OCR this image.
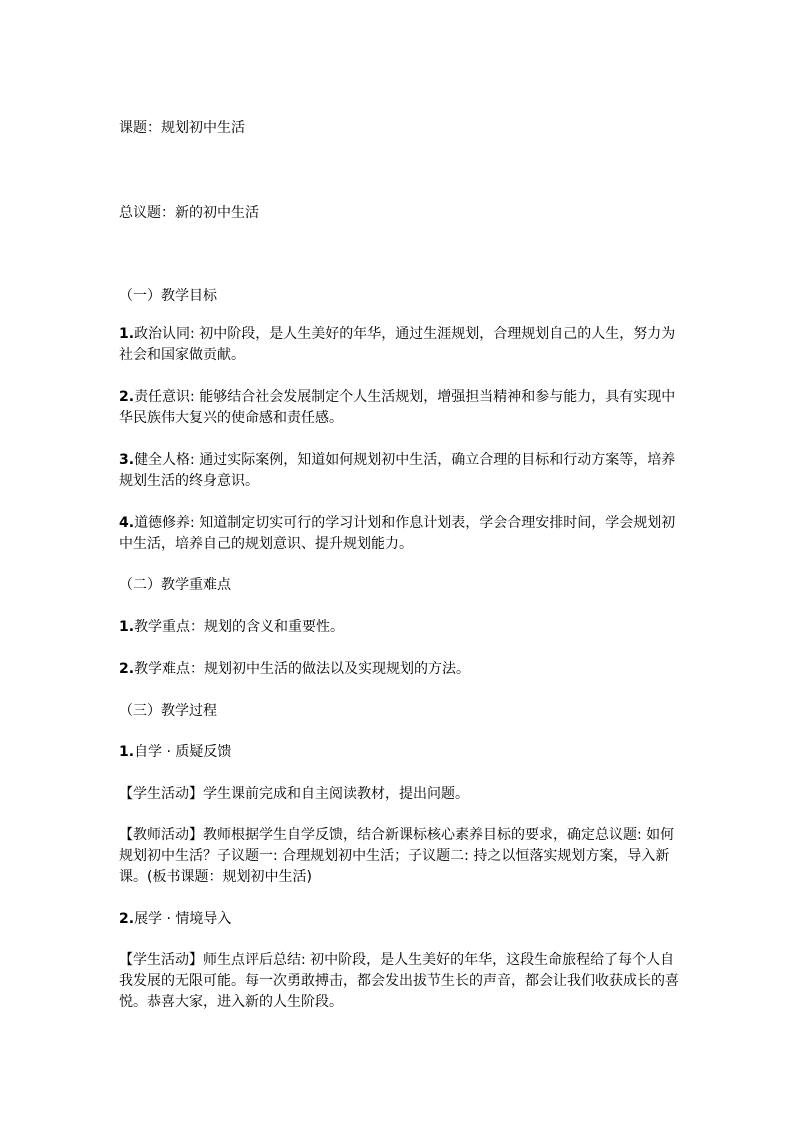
课题：规划初中生活
总议题：新的初中生活
（一）教学目标
1.政治认同: 初中阶段，是人生美好的年华，通过生涯规划，合理规划自己的人生，努力为社会和国家做贡献。
2.责任意识: 能够结合社会发展制定个人生活规划，增强担当精神和参与能力，具有实现中华民族伟大复兴的使命感和责任感。
3.健全人格: 通过实际案例，知道如何规划初中生活，确立合理的目标和行动方案等，培养规划生活的终身意识。
4.道德修养: 知道制定切实可行的学习计划和作息计划表，学会合理安排时间，学会规划初中生活，培养自己的规划意识、提升规划能力。
（二）教学重难点
1.教学重点：规划的含义和重要性。
2.教学难点：规划初中生活的做法以及实现规划的方法。
（三）教学过程
1.自学 · 质疑反馈
【学生活动】学生课前完成和自主阅读教材，提出问题。
【教师活动】教师根据学生自学反馈，结合新课标核心素养目标的要求，确定总议题: 如何规划初中生活？子议题一: 合理规划初中生活；子议题二: 持之以恒落实规划方案，导入新课。(板书课题：规划初中生活)
2.展学 · 情境导入
【学生活动】师生点评后总结: 初中阶段，是人生美好的年华，这段生命旅程给了每个人自我发展的无限可能。每一次勇敢搏击，都会发出拔节生长的声音，都会让我们收获成长的喜悦。恭喜大家，进入新的人生阶段。
